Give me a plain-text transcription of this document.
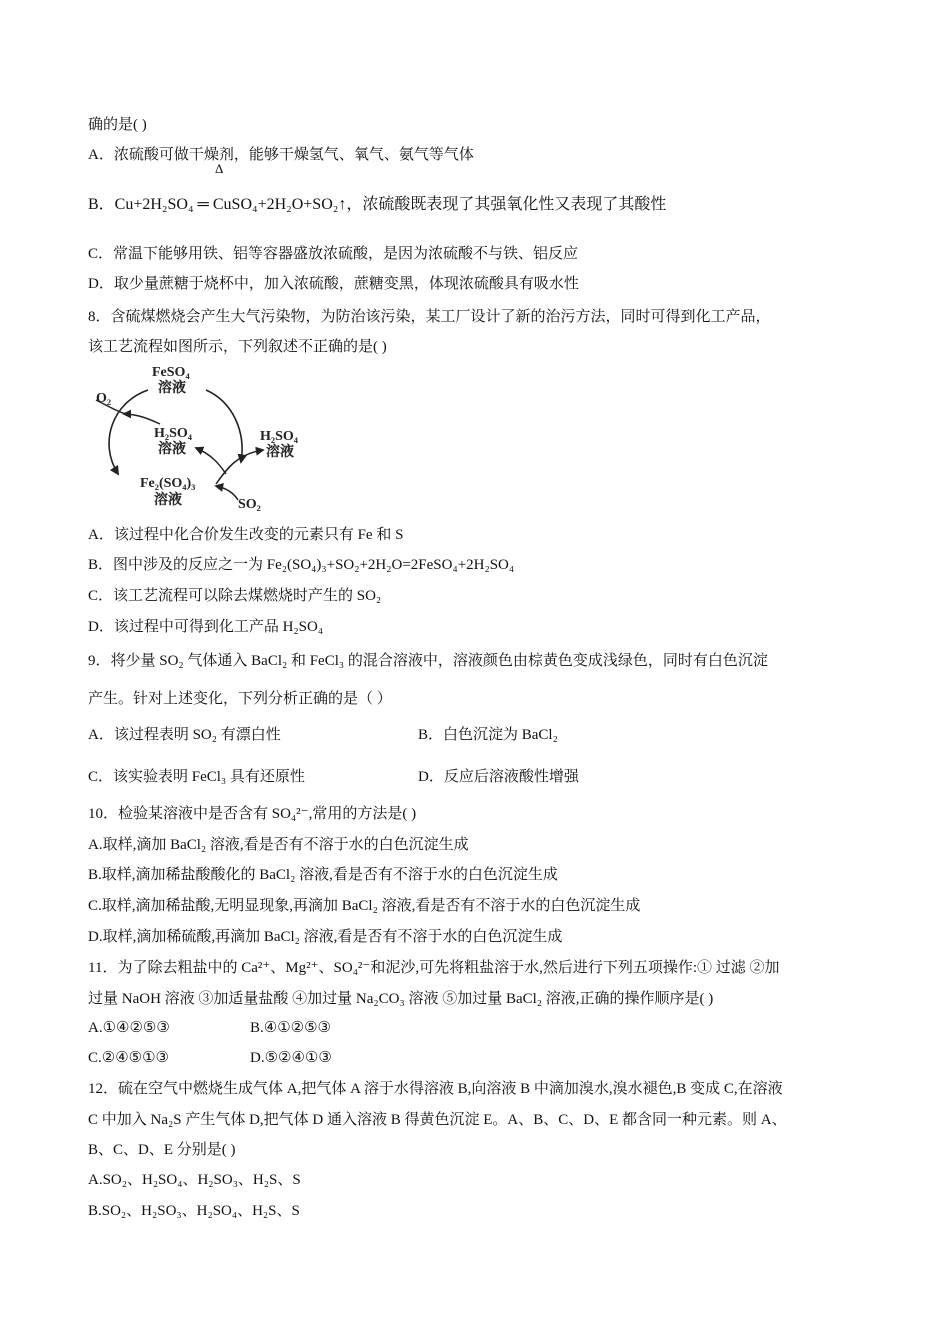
确的是( )
A．浓硫酸可做干燥剂，能够干燥氢气、氧气、氨气等气体
Δ
B．Cu+2H₂SO₄ ═ CuSO₄+2H₂O+SO₂↑，浓硫酸既表现了其强氧化性又表现了其酸性
C．常温下能够用铁、铝等容器盛放浓硫酸，是因为浓硫酸不与铁、铝反应
D．取少量蔗糖于烧杯中，加入浓硫酸，蔗糖变黑，体现浓硫酸具有吸水性
8．含硫煤燃烧会产生大气污染物，为防治该污染，某工厂设计了新的治污方法，同时可得到化工产品，
该工艺流程如图所示，下列叙述不正确的是( )
FeSO₄
溶液
O₂
H₂SO₄
溶液
H₂SO₄
溶液
Fe₂(SO₄)₃
溶液	SO₂
A．该过程中化合价发生改变的元素只有 Fe 和 S
B．图中涉及的反应之一为 Fe₂(SO₄)₃+SO₂+2H₂O=2FeSO₄+2H₂SO₄
C．该工艺流程可以除去煤燃烧时产生的 SO₂
D．该过程中可得到化工产品 H₂SO₄
9．将少量 SO₂ 气体通入 BaCl₂ 和 FeCl₃ 的混合溶液中，溶液颜色由棕黄色变成浅绿色，同时有白色沉淀
产生。针对上述变化，下列分析正确的是（ ）
A．该过程表明 SO₂ 有漂白性	B．白色沉淀为 BaCl₂
C．该实验表明 FeCl₃ 具有还原性	D．反应后溶液酸性增强
10．检验某溶液中是否含有 SO₄²⁻,常用的方法是( )
A.取样,滴加 BaCl₂ 溶液,看是否有不溶于水的白色沉淀生成
B.取样,滴加稀盐酸酸化的 BaCl₂ 溶液,看是否有不溶于水的白色沉淀生成
C.取样,滴加稀盐酸,无明显现象,再滴加 BaCl₂ 溶液,看是否有不溶于水的白色沉淀生成
D.取样,滴加稀硫酸,再滴加 BaCl₂ 溶液,看是否有不溶于水的白色沉淀生成
11．为了除去粗盐中的 Ca²⁺、Mg²⁺、SO₄²⁻和泥沙,可先将粗盐溶于水,然后进行下列五项操作:① 过滤 ②加
过量 NaOH 溶液 ③加适量盐酸 ④加过量 Na₂CO₃ 溶液 ⑤加过量 BaCl₂ 溶液,正确的操作顺序是( )
A.①④②⑤③	B.④①②⑤③
C.②④⑤①③	D.⑤②④①③
12．硫在空气中燃烧生成气体 A,把气体 A 溶于水得溶液 B,向溶液 B 中滴加溴水,溴水褪色,B 变成 C,在溶液
C 中加入 Na₂S 产生气体 D,把气体 D 通入溶液 B 得黄色沉淀 E。A、B、C、D、E 都含同一种元素。则 A、
B、C、D、E 分别是( )
A.SO₂、H₂SO₄、H₂SO₃、H₂S、S
B.SO₂、H₂SO₃、H₂SO₄、H₂S、S
